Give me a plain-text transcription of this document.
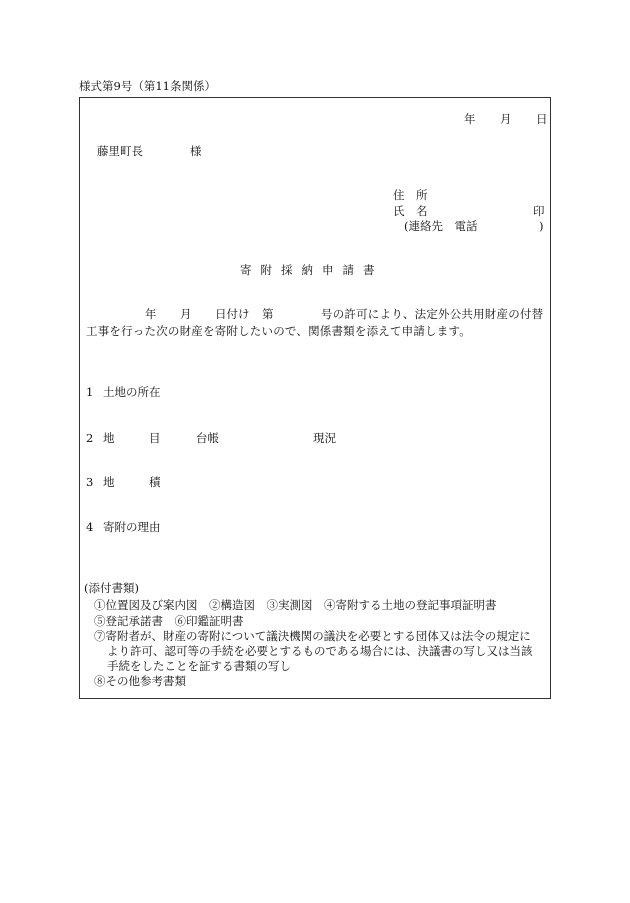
様式第9号（第11条関係）
年 月 日
藤里町長	様
住　所
氏　名	印
(連絡先　電話	)
寄 附 採 納 申 請 書
年 月 日付け 第	号の許可により、法定外公共用財産の付替
工事を行った次の財産を寄附したいので、関係書類を添えて申請します。
1 土地の所在
2 地　　　目	台帳	現況
3 地　　　積
4 寄附の理由
(添付書類)
①位置図及び案内図　②構造図　③実測図　④寄附する土地の登記事項証明書
⑤登記承諾書　⑥印鑑証明書
⑦寄附者が、財産の寄附について議決機関の議決を必要とする団体又は法令の規定に
より許可、認可等の手続を必要とするものである場合には、決議書の写し又は当該
手続をしたことを証する書類の写し
⑧その他参考書類
